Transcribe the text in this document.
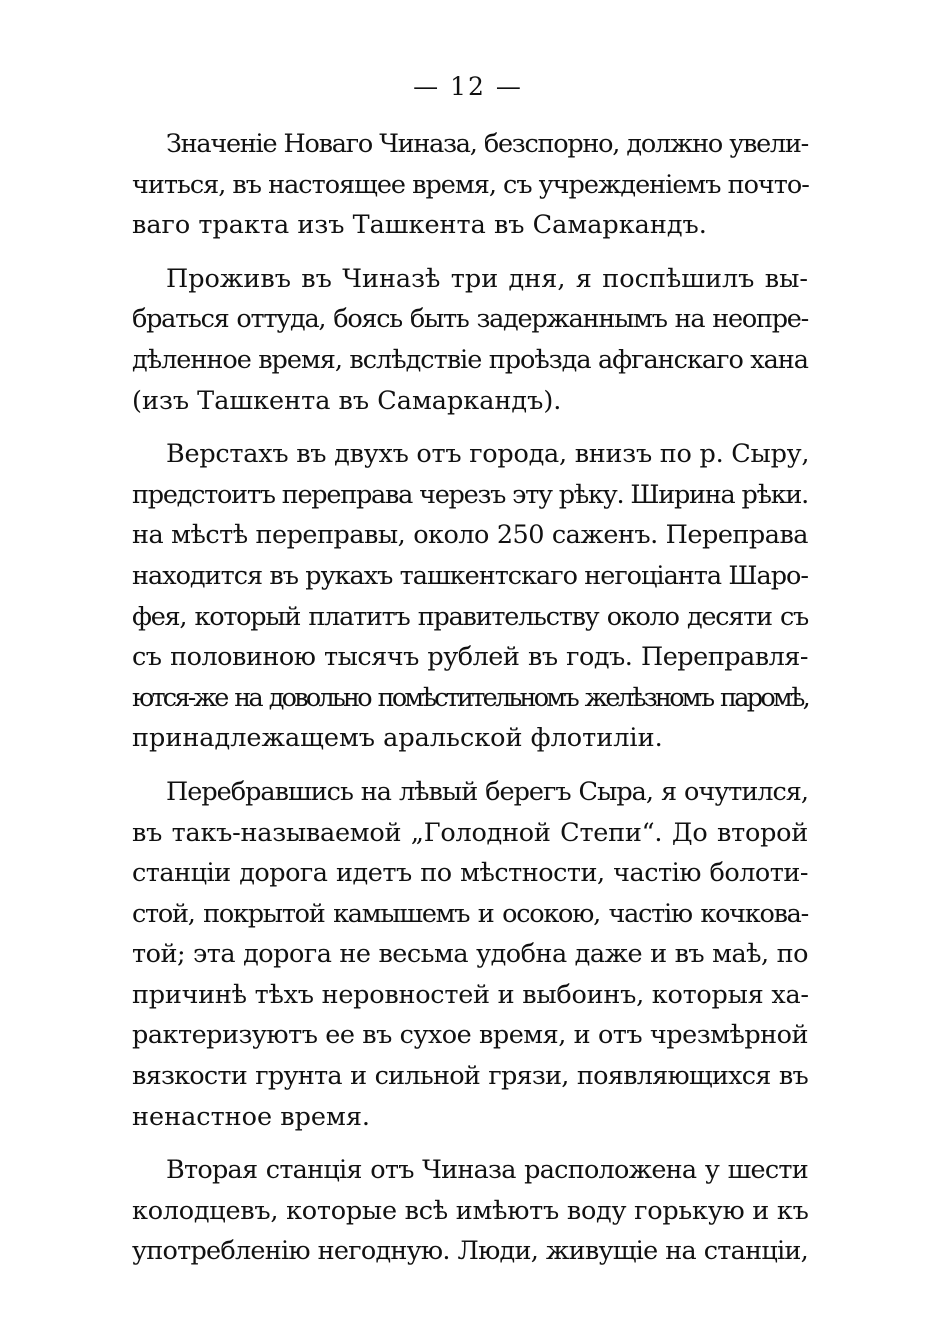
— 12 —
Значенiе Новаго Чиназа, безспорно, должно увели-
читься, въ настоящее время, съ учрежденiемъ почто-
ваго тракта изъ Ташкента въ Самаркандъ.
Проживъ въ Чиназѣ три дня, я поспѣшилъ вы-
браться оттуда, боясь быть задержаннымъ на неопре-
дѣленное время, вслѣдствiе проѣзда афганскаго хана
(изъ Ташкента въ Самаркандъ).
Верстахъ въ двухъ отъ города, внизъ по р. Сыру,
предстоитъ переправа черезъ эту рѣку. Ширина рѣки.
на мѣстѣ переправы, около 250 саженъ. Переправа
находится въ рукахъ ташкентскаго негоцiанта Шаро-
фея, который платитъ правительству около десяти съ
съ половиною тысячъ рублей въ годъ. Переправля-
ются-же на довольно помѣстительномъ желѣзномъ паромѣ,
принадлежащемъ аральской флотилiи.
Перебравшись на лѣвый берегъ Сыра, я очутился,
въ такъ-называемой „Голодной Степи“. До второй
станцiи дорога идетъ по мѣстности, частiю болоти-
стой, покрытой камышемъ и осокою, частiю кочкова-
той; эта дорога не весьма удобна даже и въ маѣ, по
причинѣ тѣхъ неровностей и выбоинъ, которыя ха-
рактеризуютъ ее въ сухое время, и отъ чрезмѣрной
вязкости грунта и сильной грязи, появляющихся въ
ненастное время.
Вторая станцiя отъ Чиназа расположена у шести
колодцевъ, которые всѣ имѣютъ воду горькую и къ
употребленiю негодную. Люди, живущiе на станцiи,
